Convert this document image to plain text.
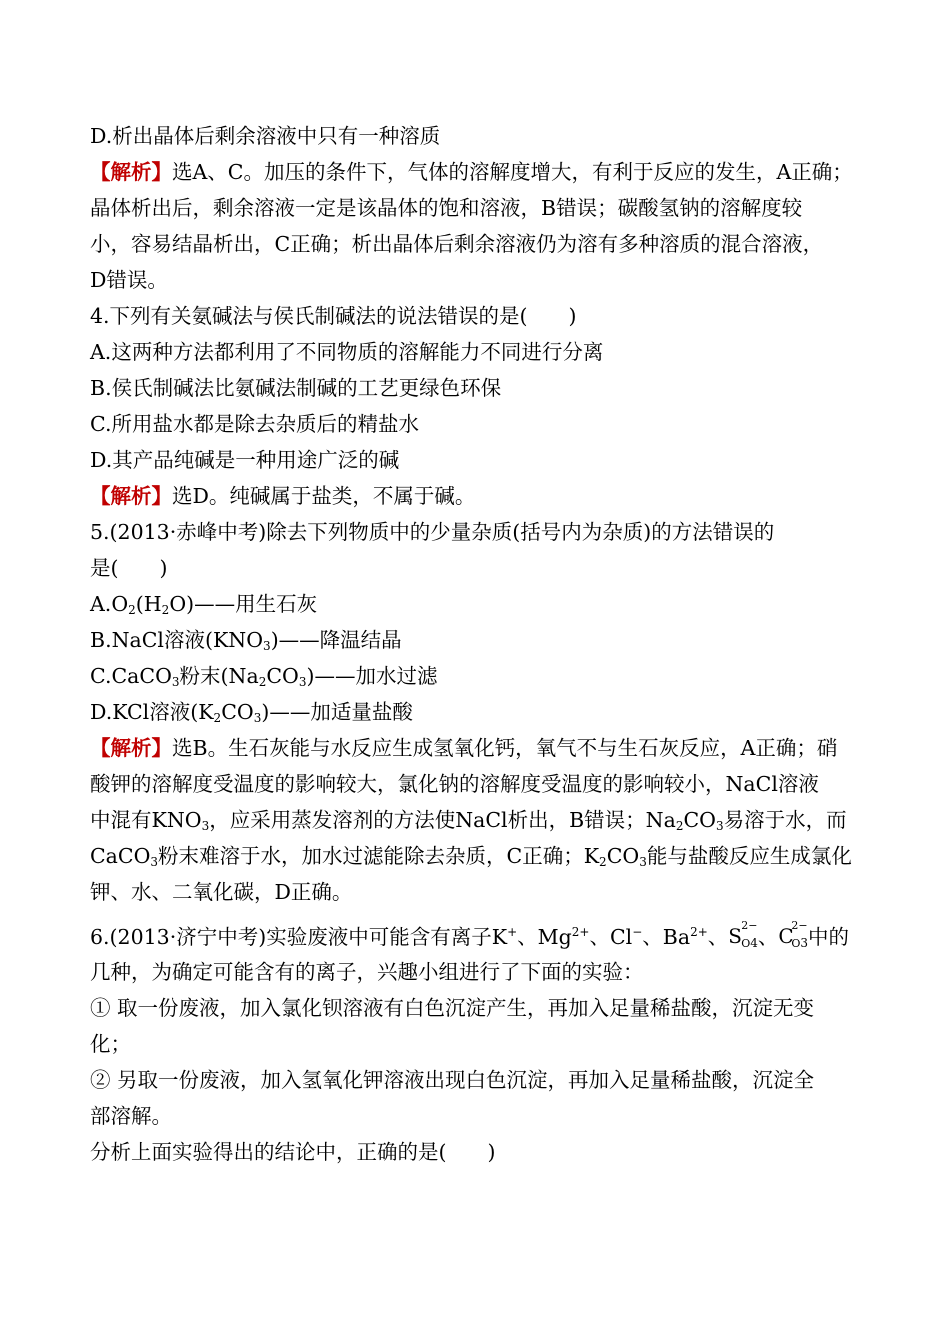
D.析出晶体后剩余溶液中只有一种溶质
【解析】选A、C。加压的条件下，气体的溶解度增大，有利于反应的发生，A正确；
晶体析出后，剩余溶液一定是该晶体的饱和溶液，B错误；碳酸氢钠的溶解度较
小，容易结晶析出，C正确；析出晶体后剩余溶液仍为溶有多种溶质的混合溶液，
D错误。
4.下列有关氨碱法与侯氏制碱法的说法错误的是(　　)
A.这两种方法都利用了不同物质的溶解能力不同进行分离
B.侯氏制碱法比氨碱法制碱的工艺更绿色环保
C.所用盐水都是除去杂质后的精盐水
D.其产品纯碱是一种用途广泛的碱
【解析】选D。纯碱属于盐类，不属于碱。
5.(2013·赤峰中考)除去下列物质中的少量杂质(括号内为杂质)的方法错误的
是(　　)
$A.O_2(H_2O)——$用生石灰
B.NaCl溶液$(KNO_3)——$降温结晶
C.CaCO$_3$粉末$(Na_2CO_3)——$加水过滤
D.KCl溶液$(K_2CO_3)——$加适量盐酸
【解析】选B。生石灰能与水反应生成氢氧化钙，氧气不与生石灰反应，A正确；硝
酸钾的溶解度受温度的影响较大，氯化钠的溶解度受温度的影响较小，NaCl溶液
中混有$KNO_3$，应采用蒸发溶剂的方法使NaCl析出，B错误；$Na_2CO_3$易溶于水，而
CaCO$_3$粉末难溶于水，加水过滤能除去杂质，C正确；$K_2CO_3$能与盐酸反应生成氯化
钾、水、二氧化碳，D正确。
6.(2013·济宁中考)实验废液中可能含有离子K+、$Mg^{2+}$、Cl−、$Ba^{2+}$、 S 2−
O $_4$、 C
2−
O $_3$中的
几种，为确定可能含有的离子，兴趣小组进行了下面的实验：
① 取一份废液，加入氯化钡溶液有白色沉淀产生，再加入足量稀盐酸，沉淀无变
化；
② 另取一份废液，加入氢氧化钾溶液出现白色沉淀，再加入足量稀盐酸，沉淀全
部溶解。
分析上面实验得出的结论中，正确的是(　　)
